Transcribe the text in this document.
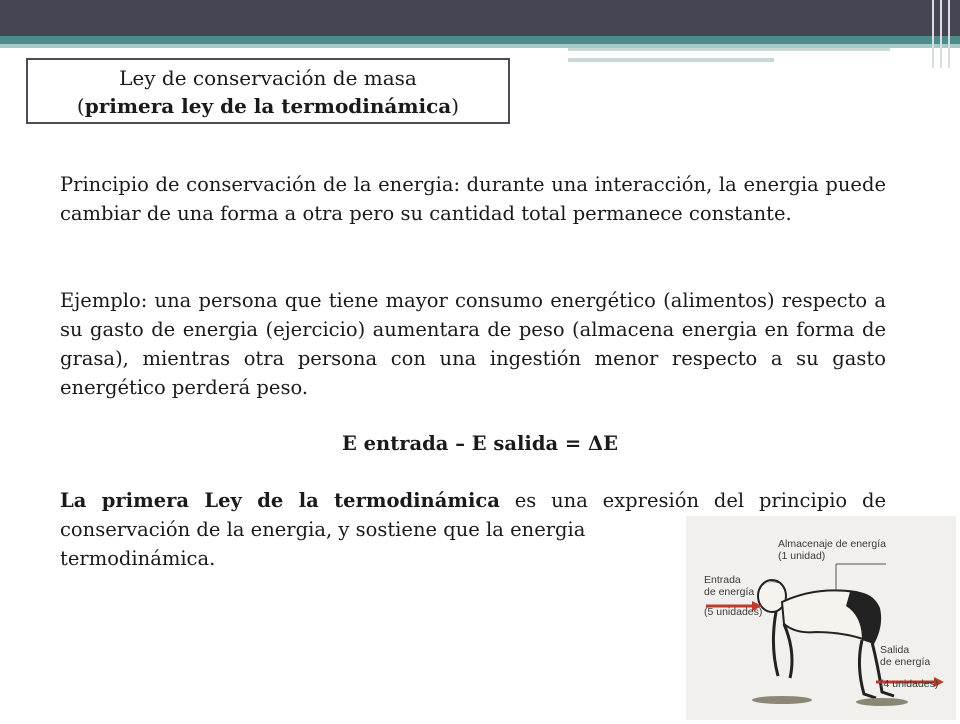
Ley de conservación de masa
(primera ley de la termodinámica)
Principio de conservación de la energia: durante una interacción, la energia puede cambiar de una forma a otra pero su cantidad total permanece constante.
Ejemplo: una persona que tiene mayor consumo energético (alimentos) respecto a su gasto de energia (ejercicio) aumentara de peso (almacena energia en forma de grasa), mientras otra persona con una ingestión menor respecto a su gasto energético perderá peso.
E entrada – E salida = ΔE
La primera Ley de la termodinámica es una expresión del principio de conservación de la energia, y sostiene que la energia
termodinámica.
Almacenaje de energía
(1 unidad)
Entrada
de energía
(5 unidades)
Salida
de energía
(4 unidades)
